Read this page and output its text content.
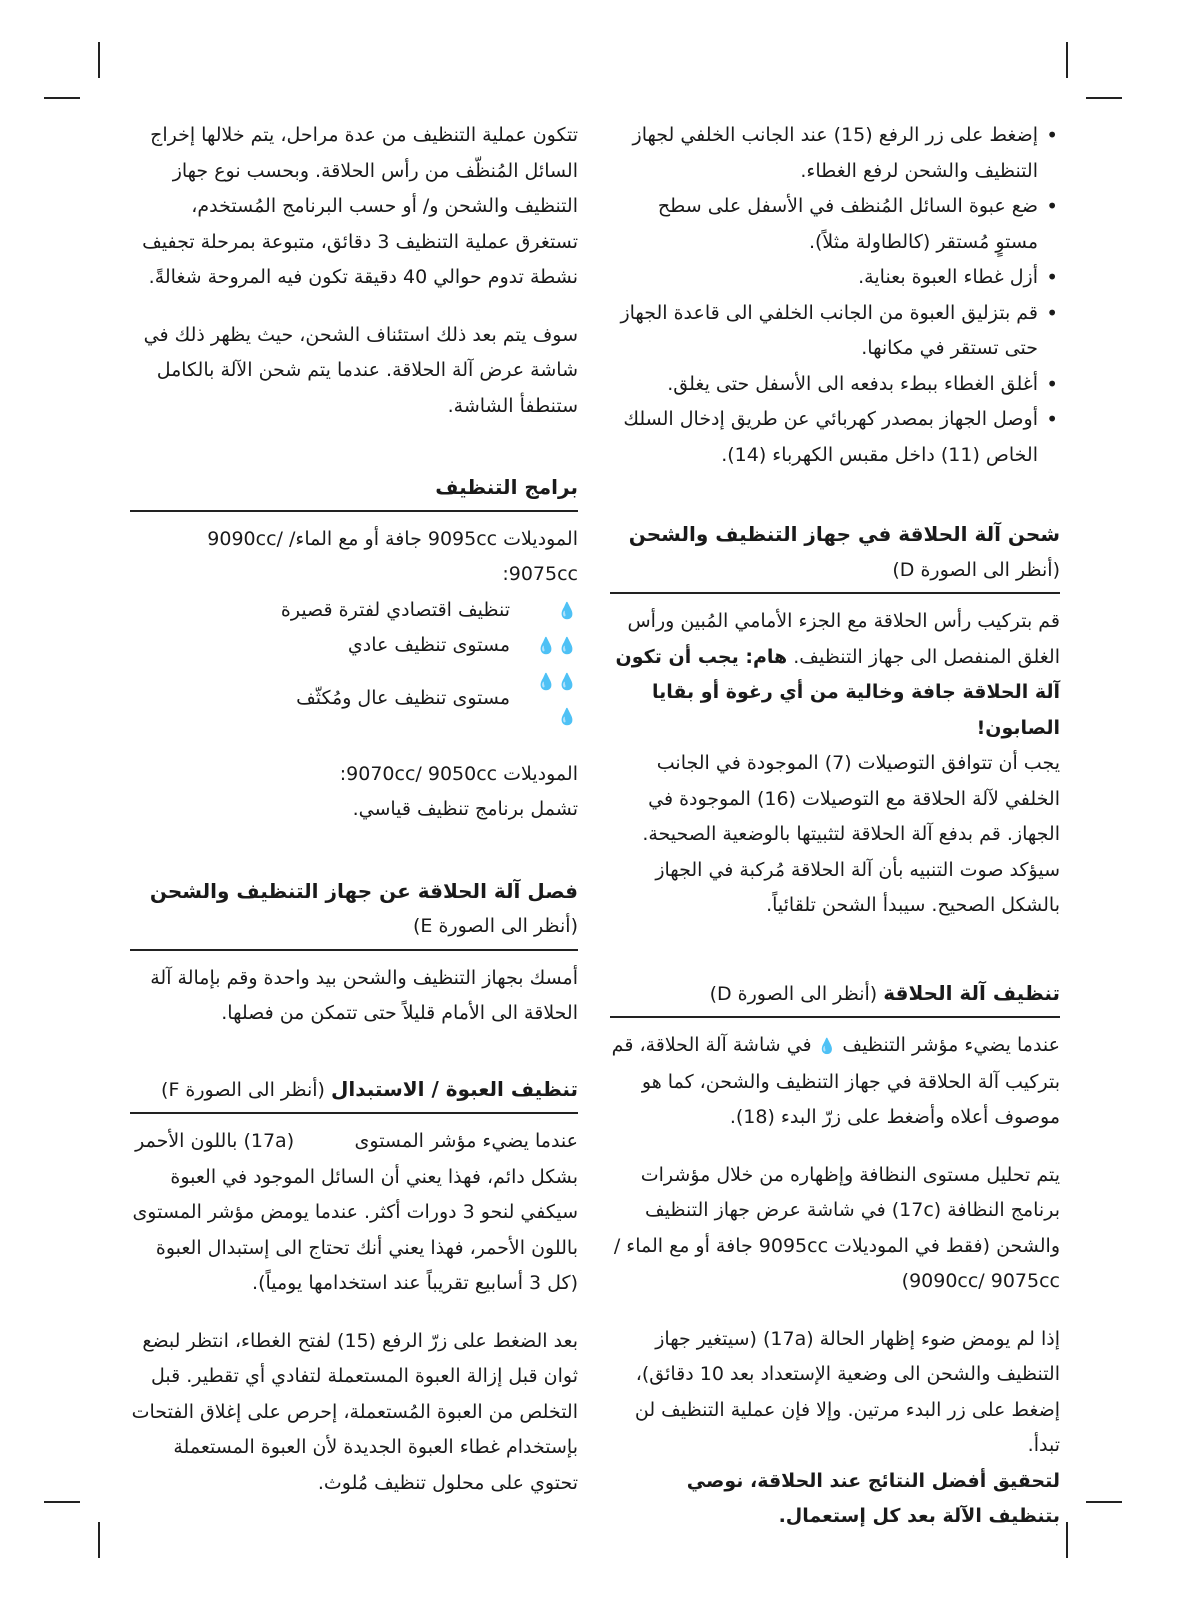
• إضغط على زر الرفع (15) عند الجانب الخلفي لجهاز التنظيف والشحن لرفع الغطاء.
• ضع عبوة السائل المُنظف في الأسفل على سطح مستوٍ مُستقر (كالطاولة مثلاً).
• أزل غطاء العبوة بعناية.
• قم بتزليق العبوة من الجانب الخلفي الى قاعدة الجهاز حتى تستقر في مكانها.
• أغلق الغطاء ببطء بدفعه الى الأسفل حتى يغلق.
• أوصل الجهاز بمصدر كهربائي عن طريق إدخال السلك الخاص (11) داخل مقبس الكهرباء (14).
شحن آلة الحلاقة في جهاز التنظيف والشحن
(أنظر الى الصورة D)

قم بتركيب رأس الحلاقة مع الجزء الأمامي المُبين ورأس الغلق المنفصل الى جهاز التنظيف. هام: يجب أن تكون آلة الحلاقة جافة وخالية من أي رغوة أو بقايا الصابون!

يجب أن تتوافق التوصيلات (7) الموجودة في الجانب الخلفي لآلة الحلاقة مع التوصيلات (16) الموجودة في الجهاز. قم بدفع آلة الحلاقة لتثبيتها بالوضعية الصحيحة. سيؤكد صوت التنبيه بأن آلة الحلاقة مُركبة في الجهاز بالشكل الصحيح. سيبدأ الشحن تلقائياً.

تنظيف آلة الحلاقة (أنظر الى الصورة D)

عندما يضيء مؤشر التنظيف 💧 في شاشة آلة الحلاقة، قم بتركيب آلة الحلاقة في جهاز التنظيف والشحن، كما هو موصوف أعلاه وأضغط على زرّ البدء (18).

يتم تحليل مستوى النظافة وإظهاره من خلال مؤشرات برنامج النظافة (17c) في شاشة عرض جهاز التنظيف والشحن (فقط في الموديلات 9095cc جافة أو مع الماء / 9090cc/ 9075cc)

إذا لم يومض ضوء إظهار الحالة (17a) (سيتغير جهاز التنظيف والشحن الى وضعية الإستعداد بعد 10 دقائق)، إضغط على زر البدء مرتين. وإلا فإن عملية التنظيف لن تبدأ.

لتحقيق أفضل النتائج عند الحلاقة، نوصي بتنظيف الآلة بعد كل إستعمال.

تتكون عملية التنظيف من عدة مراحل، يتم خلالها إخراج السائل المُنظّف من رأس الحلاقة. وبحسب نوع جهاز التنظيف والشحن و/ أو حسب البرنامج المُستخدم، تستغرق عملية التنظيف 3 دقائق، متبوعة بمرحلة تجفيف نشطة تدوم حوالي 40 دقيقة تكون فيه المروحة شغالةً.

سوف يتم بعد ذلك استئناف الشحن، حيث يظهر ذلك في شاشة عرض آلة الحلاقة. عندما يتم شحن الآلة بالكامل ستنطفأ الشاشة.

برامج التنظيف

الموديلات 9095cc جافة أو مع الماء/ 9090cc/ 9075cc:

💧
تنظيف اقتصادي لفترة قصيرة
💧💧
مستوى تنظيف عادي
💧💧💧
مستوى تنظيف عال ومُكثّف

الموديلات 9070cc/ 9050cc:

تشمل برنامج تنظيف قياسي.

فصل آلة الحلاقة عن جهاز التنظيف والشحن
(أنظر الى الصورة E)

أمسك بجهاز التنظيف والشحن بيد واحدة وقم بإمالة آلة الحلاقة الى الأمام قليلاً حتى تتمكن من فصلها.

تنظيف العبوة / الاستبدال (أنظر الى الصورة F)

عندما يضيء مؤشر المستوى          (17a) باللون الأحمر بشكل دائم، فهذا يعني أن السائل الموجود في العبوة سيكفي لنحو 3 دورات أكثر. عندما يومض مؤشر المستوى باللون الأحمر، فهذا يعني أنك تحتاج الى إستبدال العبوة (كل 3 أسابيع تقريباً عند استخدامها يومياً).

بعد الضغط على زرّ الرفع (15) لفتح الغطاء، انتظر لبضع ثوان قبل إزالة العبوة المستعملة لتفادي أي تقطير. قبل التخلص من العبوة المُستعملة، إحرص على إغلاق الفتحات بإستخدام غطاء العبوة الجديدة لأن العبوة المستعملة تحتوي على محلول تنظيف مُلوث.
